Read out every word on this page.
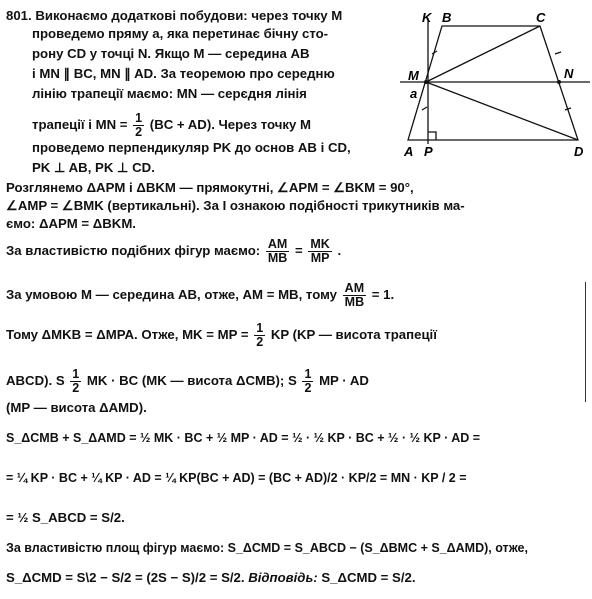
801. Виконаємо додаткові побудови: через точку M
проведемо пряму a, яка перетинає бічну сто-
рону CD у точці N. Якщо M — середина AB
і MN ∥ BC, MN ∥ AD. За теоремою про середню
лінію трапеції маємо: MN — серєдня лінія
трапеції і MN = $\frac{1}{2} (BC + AD)$. Через точку M
проведемо перпендикуляр PK до основ AB і CD,
PK ⊥ AB, PK ⊥ CD.
Розглянемо ΔAPM і ΔBKM — прямокутні, ∠APM = ∠BKM = 90°,
∠AMP = ∠BMK (вертикальні). За I ознакою подібності трикутників ма-
ємо: ΔAPM = ΔBKM.
За властивістю подібних фігур маємо: $\frac{AM}{MB} = \frac{MK}{MP}$ .
За умовою M — середина AB, отже, AM = MB, тому $\frac{AM}{MB} = 1$.
Тому ΔMKB = ΔMPA. Отже, MK = MP = $\frac{1}{2}$ KP (KP — висота трапеції
ABCD). S $\frac{1}{2}$ MK · BC (MK — висота ΔCMB); S $\frac{1}{2}$ MP · AD
(MP — висота ΔAMD).
S_ΔCMB + S_ΔAMD = ½ MK · BC + ½ MP · AD = ½ · ½ KP · BC + ½ · ½ KP · AD =
= ¼ KP · BC + ¼ KP · AD = ¼ KP(BC + AD) = (BC + AD)/2 · KP/2 = MN · KP / 2 =
= ½ S_ABCD = S/2.
За властивістю площ фігур маємо: S_ΔCMD = S_ABCD − (S_ΔBMC + S_ΔAMD), отже,
S_ΔCMD = S\2 − S/2 = (2S − S)/2 = S/2. Відповідь: S_ΔCMD = S/2.
K B	C
M
a
N
A P	D
